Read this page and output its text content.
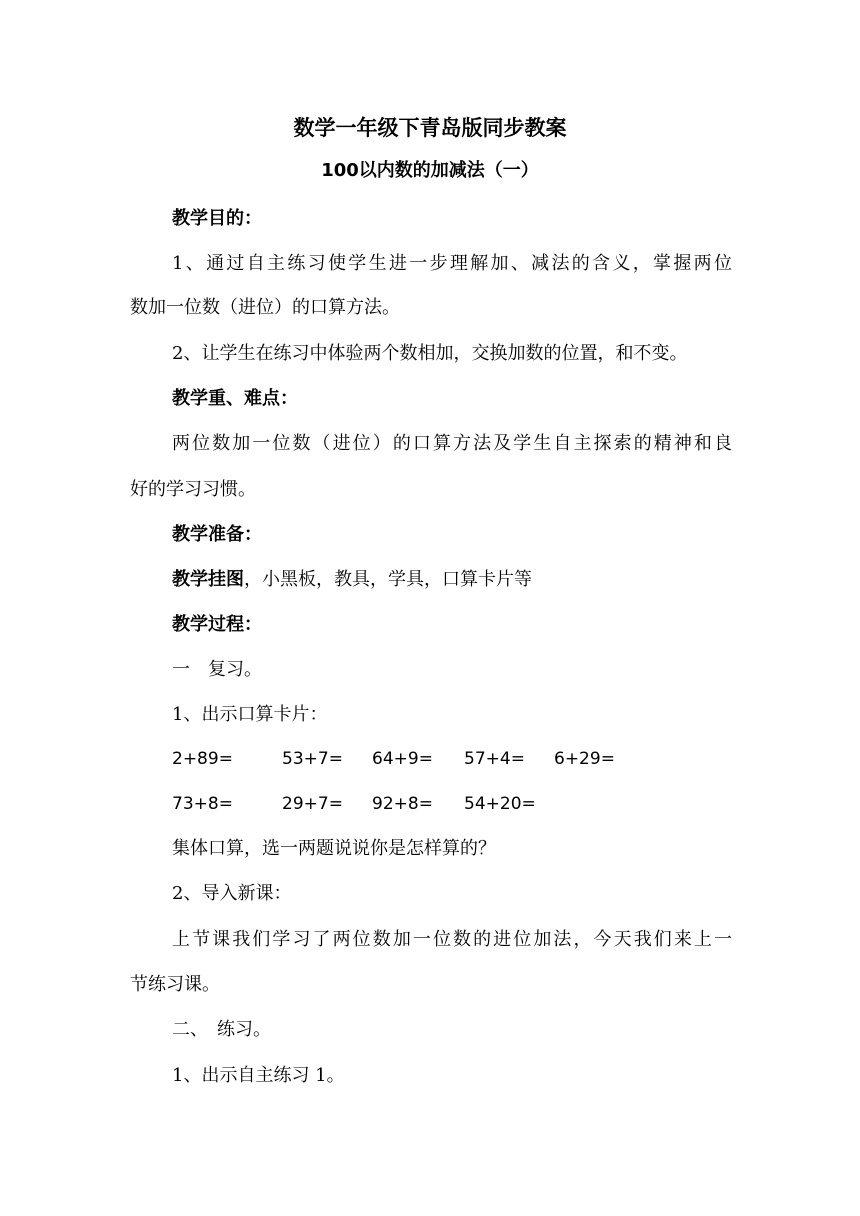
数学一年级下青岛版同步教案
100以内数的加减法（一）
教学目的：
1、通过自主练习使学生进一步理解加、减法的含义，掌握两位
数加一位数（进位）的口算方法。
2、让学生在练习中体验两个数相加，交换加数的位置，和不变。
教学重、难点：
两位数加一位数（进位）的口算方法及学生自主探索的精神和良
好的学习习惯。
教学准备：
教学挂图，小黑板，教具，学具，口算卡片等
教学过程：
一　复习。
1、出示口算卡片：
2+89=	53+7= 64+9= 57+4= 6+29=
73+8=	29+7= 92+8= 54+20=
集体口算，选一两题说说你是怎样算的？
2、导入新课：
上节课我们学习了两位数加一位数的进位加法，今天我们来上一
节练习课。
二、　练习。
1、出示自主练习 1。
